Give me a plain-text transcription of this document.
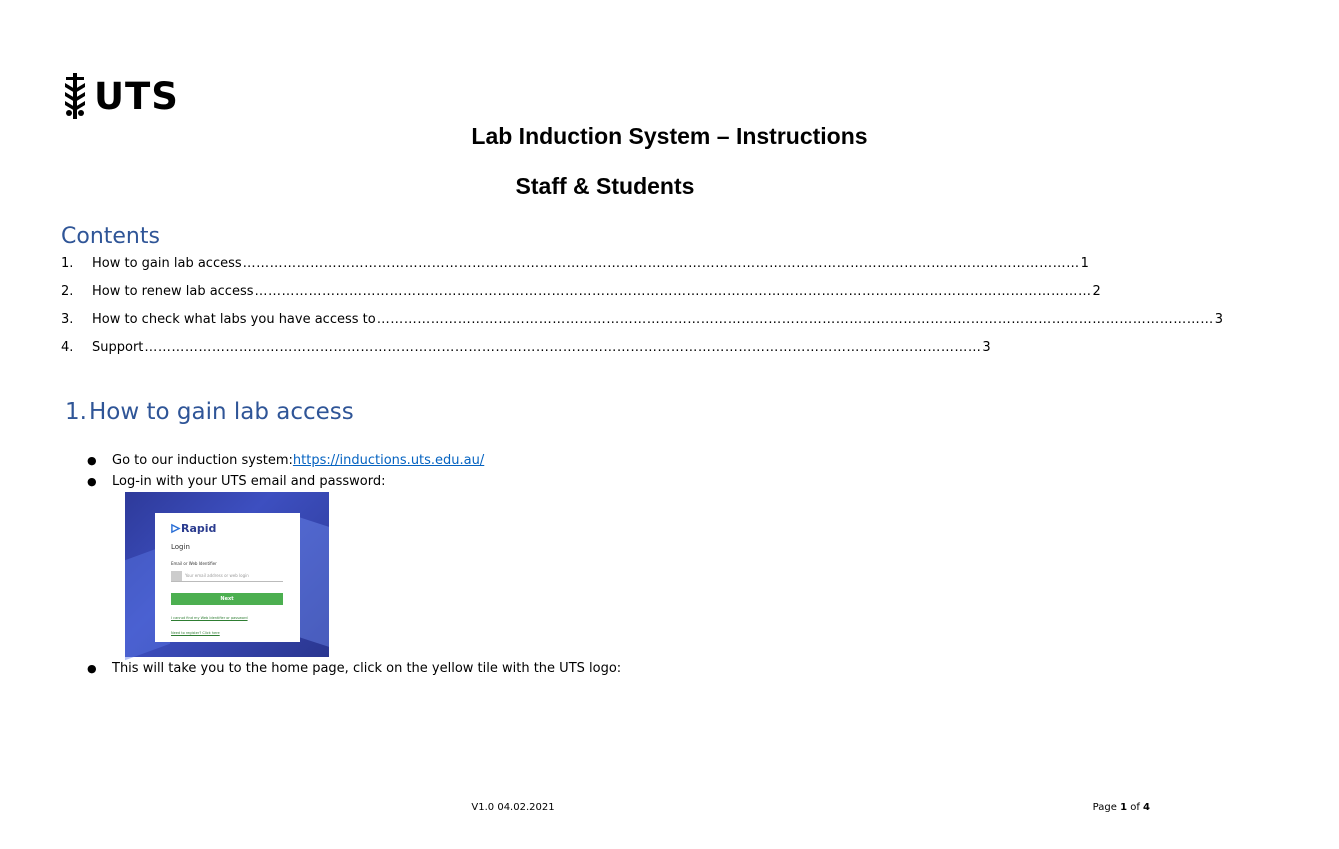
UTS
Lab Induction System – Instructions
Staff & Students
Contents
1.	How to gain lab access …………………………………………………………………………………………………………………………………………………………………… 1
2.	How to renew lab access …………………………………………………………………………………………………………………………………………………………………… 2
3.	How to check what labs you have access to …………………………………………………………………………………………………………………………………………………………………… 3
4.	Support …………………………………………………………………………………………………………………………………………………………………… 3
1. How to gain lab access
●	Go to our induction system: https://inductions.uts.edu.au/
●	Log-in with your UTS email and password:
Rapid
Login
Email or Web Identifier
Your email address or web login
Next
I cannot find my Web Identifier or password
Need to register? Click here
●	This will take you to the home page, click on the yellow tile with the UTS logo:
V1.0 04.02.2021	Page 1 of 4
